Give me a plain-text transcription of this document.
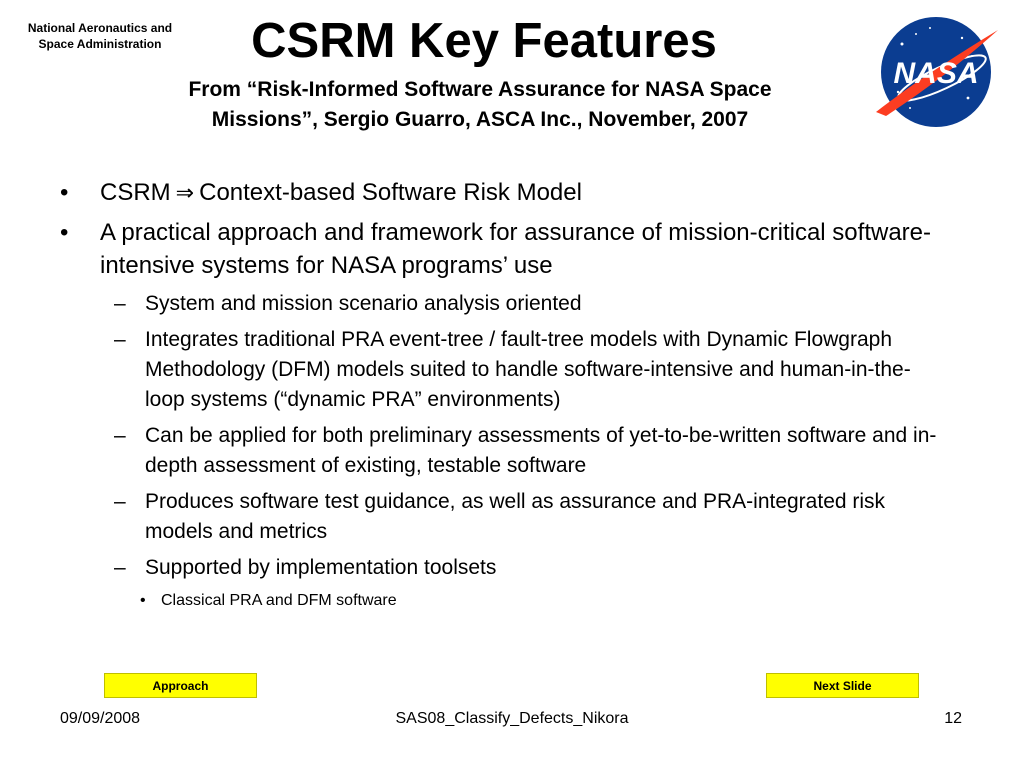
National Aeronautics and
Space Administration	CSRM Key Features
From “Risk-Informed Software Assurance for NASA Space
Missions”, Sergio Guarro, ASCA Inc., November, 2007
NASA
•	CSRM ⇒ Context-based Software Risk Model
•	A practical approach and framework for assurance of mission-critical software-intensive systems for NASA programs’ use
– System and mission scenario analysis oriented
– Integrates traditional PRA event-tree / fault-tree models with Dynamic Flowgraph Methodology (DFM) models suited to handle software-intensive and human-in-the-loop systems (“dynamic PRA” environments)
– Can be applied for both preliminary assessments of yet-to-be-written software and in-depth assessment of existing, testable software
– Produces software test guidance, as well as assurance and PRA-integrated risk models and metrics
– Supported by implementation toolsets
• Classical PRA and DFM software
Approach	Next Slide
09/09/2008	SAS08_Classify_Defects_Nikora	12
